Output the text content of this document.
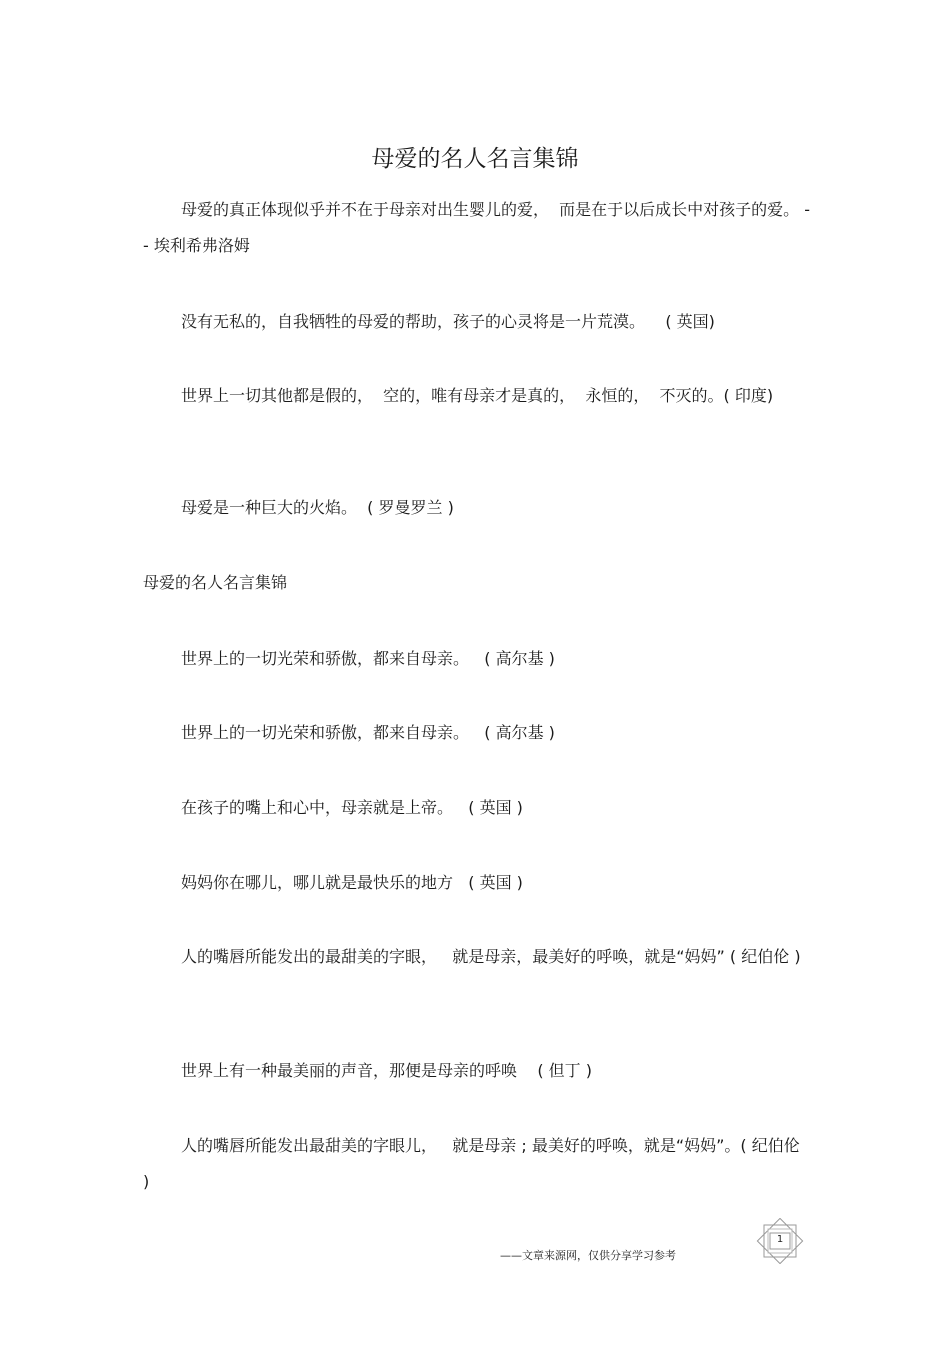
母爱的名人名言集锦
母爱的真正体现似乎并不在于母亲对出生婴儿的爱，  而是在于以后成长中对孩子的爱。 -- 埃利希弗洛姆
没有无私的，自我牺牲的母爱的帮助，孩子的心灵将是一片荒漠。    ( 英国)
世界上一切其他都是假的，  空的，唯有母亲才是真的，  永恒的，  不灭的。( 印度)
母爱是一种巨大的火焰。  ( 罗曼罗兰 )
母爱的名人名言集锦
世界上的一切光荣和骄傲，都来自母亲。   ( 高尔基 )
世界上的一切光荣和骄傲，都来自母亲。   ( 高尔基 )
在孩子的嘴上和心中，母亲就是上帝。   ( 英国 )
妈妈你在哪儿，哪儿就是最快乐的地方   ( 英国 )
人的嘴唇所能发出的最甜美的字眼，   就是母亲，最美好的呼唤，就是“妈妈” ( 纪伯伦 )
世界上有一种最美丽的声音，那便是母亲的呼唤    ( 但丁 )
人的嘴唇所能发出最甜美的字眼儿，   就是母亲 ; 最美好的呼唤，就是“妈妈”。( 纪伯伦 )
1
——文章来源网，仅供分享学习参考
